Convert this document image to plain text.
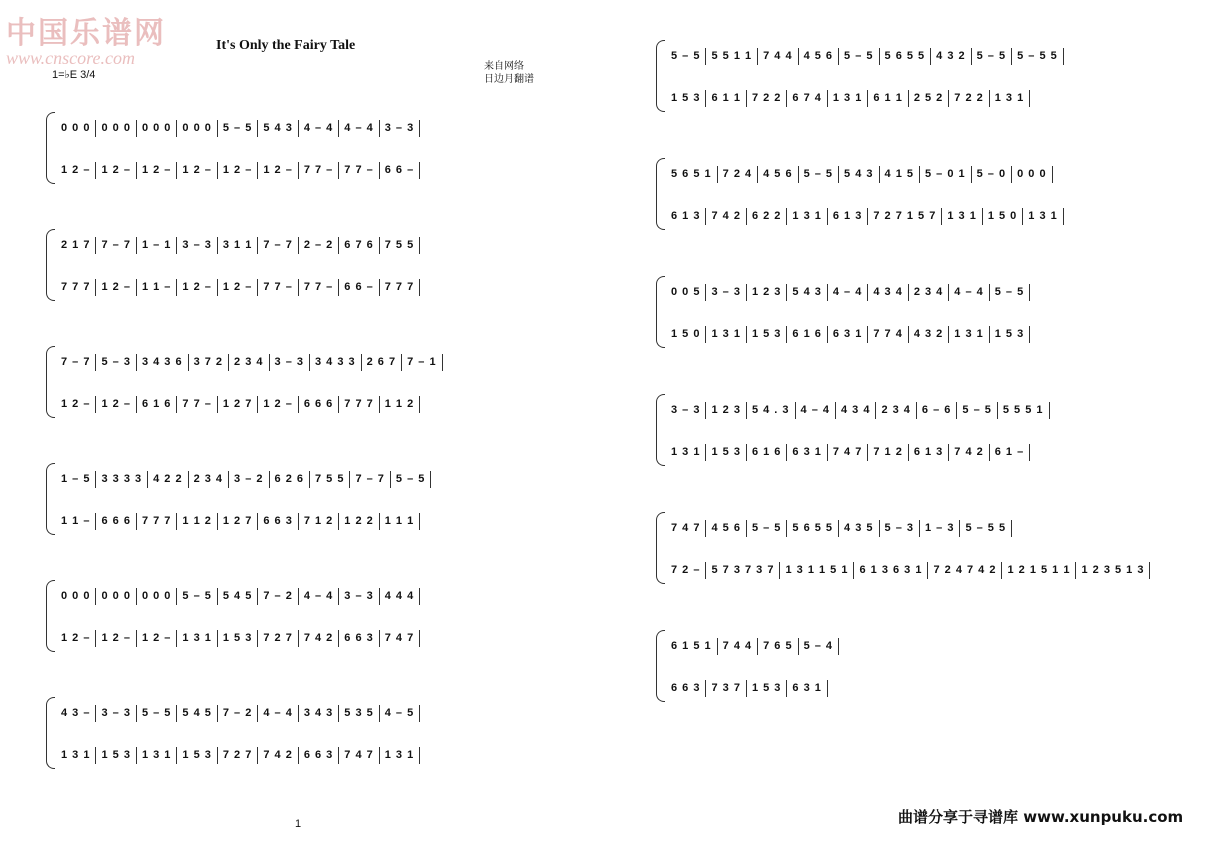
中国乐谱网
www.cnscore.com
It's Only the Fairy Tale
1=♭E 3/4
来自网络
日边月翻谱
0 0 0	0 0 0	0 0 0	0 0 0	5 – 5	5 4 3	4 – 4	4 – 4	3 – 3
1 2 –	1 2 –	1 2 –	1 2 –	1 2 –	1 2 –	7 7 –	7 7 –	6 6 –
2 1 7	7 – 7	1 – 1	3 – 3	3 1 1	7 – 7	2 – 2	6 7 6	7 5 5
7 7 7	1 2 –	1 1 –	1 2 –	1 2 –	7 7 –	7 7 –	6 6 –	7 7 7
7 – 7	5 – 3	3 4 3 6	3 7 2	2 3 4	3 – 3	3 4 3 3	2 6 7	7 – 1
1 2 –	1 2 –	6 1 6	7 7 –	1 2 7	1 2 –	6 6 6	7 7 7	1 1 2
1 – 5	3 3 3 3	4 2 2	2 3 4	3 – 2	6 2 6	7 5 5	7 – 7	5 – 5
1 1 –	6 6 6	7 7 7	1 1 2	1 2 7	6 6 3	7 1 2	1 2 2	1 1 1
0 0 0	0 0 0	0 0 0	5 – 5	5 4 5	7 – 2	4 – 4	3 – 3	4 4 4
1 2 –	1 2 –	1 2 –	1 3 1	1 5 3	7 2 7	7 4 2	6 6 3	7 4 7
4 3 –	3 – 3	5 – 5	5 4 5	7 – 2	4 – 4	3 4 3	5 3 5	4 – 5
1 3 1	1 5 3	1 3 1	1 5 3	7 2 7	7 4 2	6 6 3	7 4 7	1 3 1
5 – 5	5 5 1 1	7 4 4	4 5 6	5 – 5	5 6 5 5	4 3 2	5 – 5	5 – 5 5
1 5 3	6 1 1	7 2 2	6 7 4	1 3 1	6 1 1	2 5 2	7 2 2	1 3 1
5 6 5 1	7 2 4	4 5 6	5 – 5	5 4 3	4 1 5	5 – 0 1	5 – 0	0 0 0
6 1 3	7 4 2	6 2 2	1 3 1	6 1 3	7 2 7 1 5 7	1 3 1	1 5 0	1 3 1
0 0 5	3 – 3	1 2 3	5 4 3	4 – 4	4 3 4	2 3 4	4 – 4	5 – 5
1 5 0	1 3 1	1 5 3	6 1 6	6 3 1	7 7 4	4 3 2	1 3 1	1 5 3
3 – 3	1 2 3	5 4 . 3	4 – 4	4 3 4	2 3 4	6 – 6	5 – 5	5 5 5 1
1 3 1	1 5 3	6 1 6	6 3 1	7 4 7	7 1 2	6 1 3	7 4 2	6 1 –
7 4 7	4 5 6	5 – 5	5 6 5 5	4 3 5	5 – 3	1 – 3	5 – 5 5
7 2 –	5 7 3 7 3 7	1 3 1 1 5 1	6 1 3 6 3 1	7 2 4 7 4 2	1 2 1 5 1 1	1 2 3 5 1 3
6 1 5 1	7 4 4	7 6 5	5 – 4
6 6 3	7 3 7	1 5 3	6 3 1
1	曲谱分享于寻谱库 www.xunpuku.com
